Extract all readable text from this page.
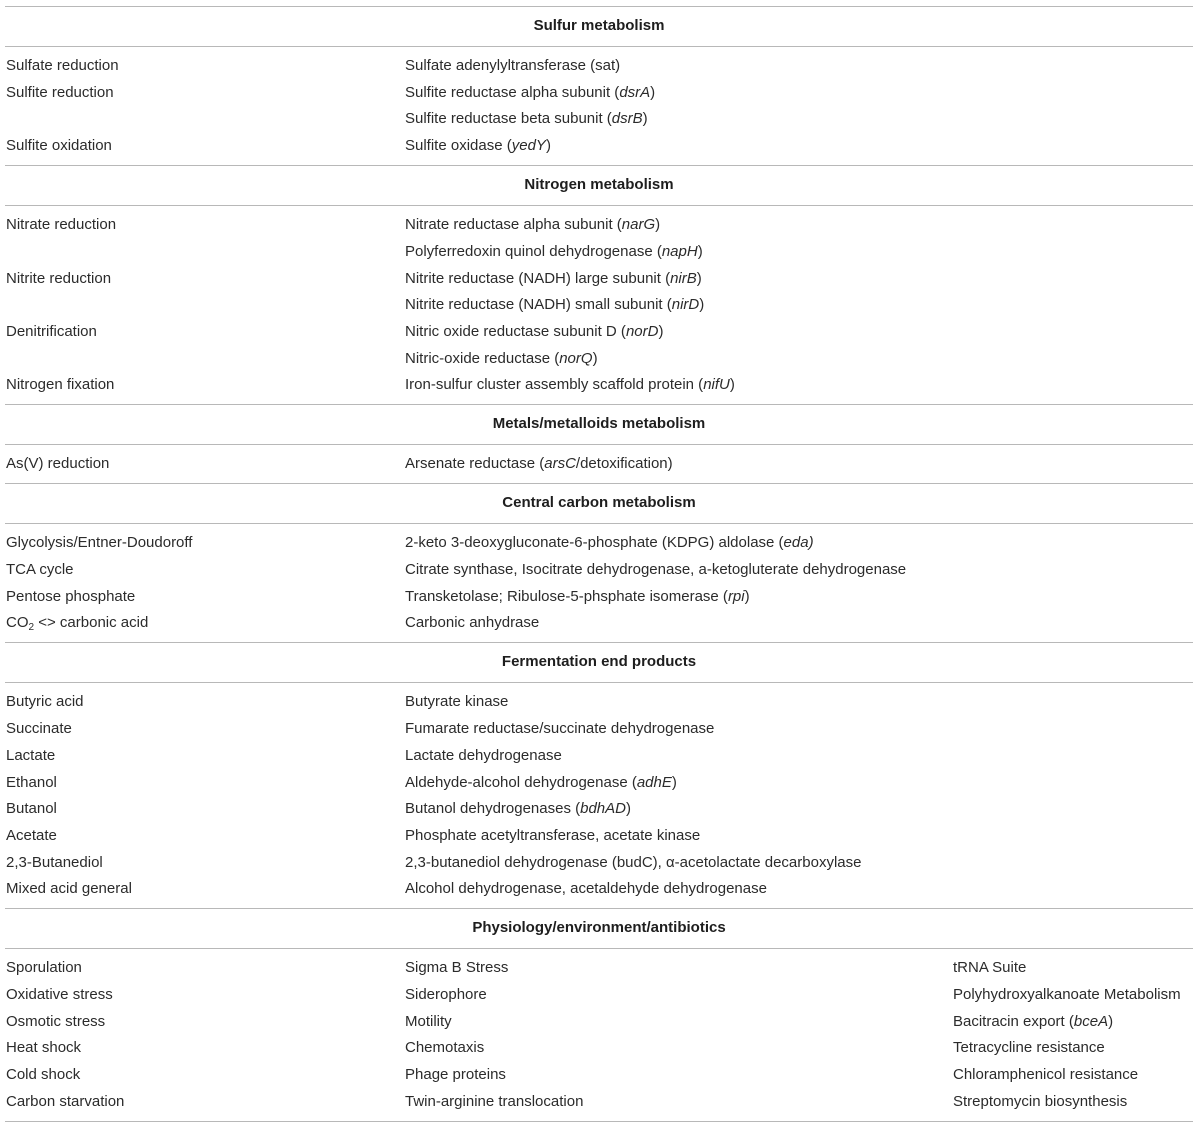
Sulfur metabolism
Sulfate reduction	Sulfate adenylyltransferase (sat)
Sulfite reduction	Sulfite reductase alpha subunit (dsrA)
Sulfite reductase beta subunit (dsrB)
Sulfite oxidation	Sulfite oxidase (yedY)
Nitrogen metabolism
Nitrate reduction	Nitrate reductase alpha subunit (narG)
Polyferredoxin quinol dehydrogenase (napH)
Nitrite reduction	Nitrite reductase (NADH) large subunit (nirB)
Nitrite reductase (NADH) small subunit (nirD)
Denitrification	Nitric oxide reductase subunit D (norD)
Nitric-oxide reductase (norQ)
Nitrogen fixation	Iron-sulfur cluster assembly scaffold protein (nifU)
Metals/metalloids metabolism
As(V) reduction	Arsenate reductase (arsC/detoxification)
Central carbon metabolism
Glycolysis/Entner-Doudoroff	2-keto 3-deoxygluconate-6-phosphate (KDPG) aldolase (eda)
TCA cycle	Citrate synthase, Isocitrate dehydrogenase, a-ketogluterate dehydrogenase
Pentose phosphate	Transketolase; Ribulose-5-phsphate isomerase (rpi)
$CO_2$ <> carbonic acid	Carbonic anhydrase
Fermentation end products
Butyric acid	Butyrate kinase
Succinate	Fumarate reductase/succinate dehydrogenase
Lactate	Lactate dehydrogenase
Ethanol	Aldehyde-alcohol dehydrogenase (adhE)
Butanol	Butanol dehydrogenases (bdhAD)
Acetate	Phosphate acetyltransferase, acetate kinase
2,3-Butanediol	2,3-butanediol dehydrogenase (budC), α-acetolactate decarboxylase
Mixed acid general	Alcohol dehydrogenase, acetaldehyde dehydrogenase
Physiology/environment/antibiotics
Sporulation	Sigma B Stress	tRNA Suite
Oxidative stress	Siderophore	Polyhydroxyalkanoate Metabolism
Osmotic stress	Motility	Bacitracin export (bceA)
Heat shock	Chemotaxis	Tetracycline resistance
Cold shock	Phage proteins	Chloramphenicol resistance
Carbon starvation	Twin-arginine translocation	Streptomycin biosynthesis
